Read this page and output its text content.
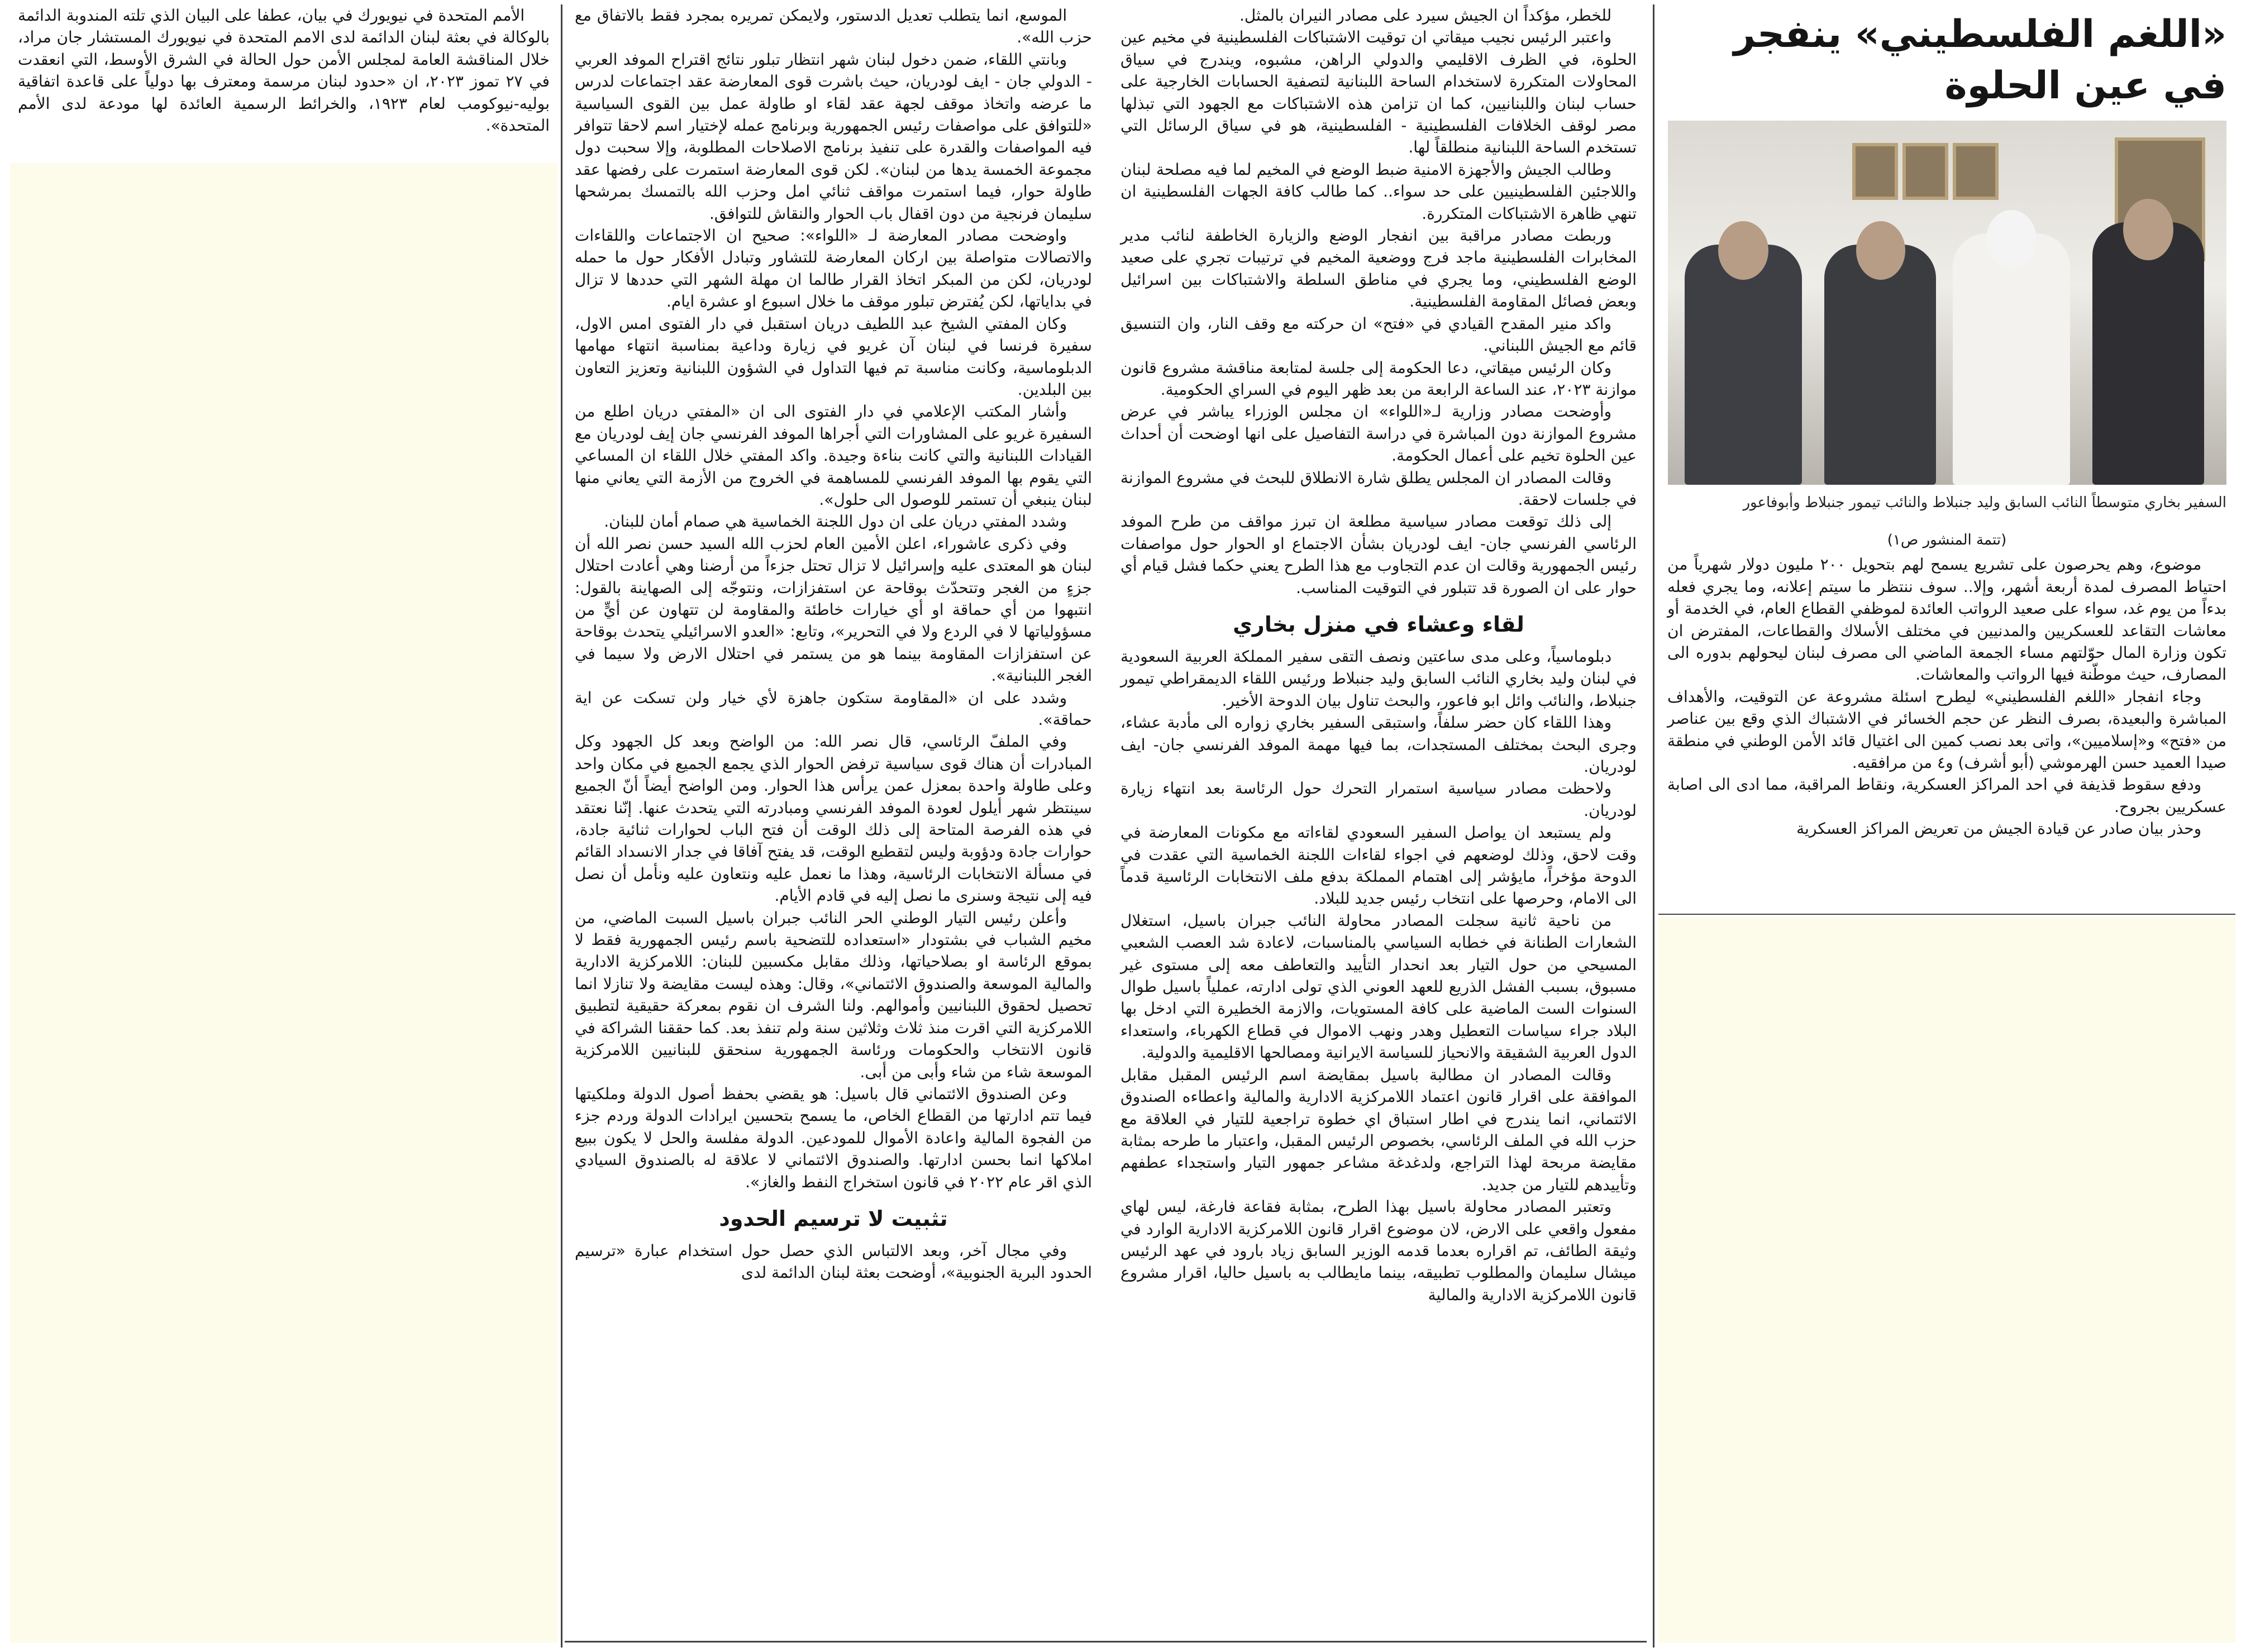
«اللغم الفلسطيني» ينفجر في عين الحلوة

السفير بخاري متوسطاً النائب السابق وليد جنبلاط والنائب تيمور جنبلاط وأبوفاعور

(تتمة المنشور ص١)

موضوع، وهم يحرصون على تشريع يسمح لهم بتحويل ٢٠٠ مليون دولار شهرياً من احتياط المصرف لمدة أربعة أشهر، وإلا.. سوف ننتظر ما سيتم إعلانه، وما يجري فعله بدءاً من يوم غد، سواء على صعيد الرواتب العائدة لموظفي القطاع العام، في الخدمة أو معاشات التقاعد للعسكريين والمدنيين في مختلف الأسلاك والقطاعات، المفترض ان تكون وزارة المال حوّلتهم مساء الجمعة الماضي الى مصرف لبنان ليحولهم بدوره الى المصارف، حيث موطّنة فيها الرواتب والمعاشات.

وجاء انفجار «اللغم الفلسطيني» ليطرح اسئلة مشروعة عن التوقيت، والأهداف المباشرة والبعيدة، بصرف النظر عن حجم الخسائر في الاشتباك الذي وقع بين عناصر من «فتح» و«إسلاميين»، واتى بعد نصب كمين الى اغتيال قائد الأمن الوطني في منطقة صيدا العميد حسن الهرموشي (أبو أشرف) و٤ من مرافقيه.

ودفع سقوط قذيفة في احد المراكز العسكرية، ونقاط المراقبة، مما ادى الى اصابة عسكريين بجروح.

وحذر بيان صادر عن قيادة الجيش من تعريض المراكز العسكرية

للخطر، مؤكداً ان الجيش سيرد على مصادر النيران بالمثل.

واعتبر الرئيس نجيب ميقاتي ان توقيت الاشتباكات الفلسطينية في مخيم عين الحلوة، في الظرف الاقليمي والدولي الراهن، مشبوه، ويندرج في سياق المحاولات المتكررة لاستخدام الساحة اللبنانية لتصفية الحسابات الخارجية على حساب لبنان واللبنانيين، كما ان تزامن هذه الاشتباكات مع الجهود التي تبذلها مصر لوقف الخلافات الفلسطينية - الفلسطينية، هو في سياق الرسائل التي تستخدم الساحة اللبنانية منطلقاً لها.

وطالب الجيش والأجهزة الامنية ضبط الوضع في المخيم لما فيه مصلحة لبنان واللاجئين الفلسطينيين على حد سواء.. كما طالب كافة الجهات الفلسطينية ان تنهي ظاهرة الاشتباكات المتكررة.

وربطت مصادر مراقبة بين انفجار الوضع والزيارة الخاطفة لنائب مدير المخابرات الفلسطينية ماجد فرج ووضعية المخيم في ترتيبات تجري على صعيد الوضع الفلسطيني، وما يجري في مناطق السلطة والاشتباكات بين اسرائيل وبعض فصائل المقاومة الفلسطينية.

واكد منير المقدح القيادي في «فتح» ان حركته مع وقف النار، وان التنسيق قائم مع الجيش اللبناني.

وكان الرئيس ميقاتي، دعا الحكومة إلى جلسة لمتابعة مناقشة مشروع قانون موازنة ٢٠٢٣، عند الساعة الرابعة من بعد ظهر اليوم في السراي الحكومية.

وأوضحت مصادر وزارية لـ«اللواء» ان مجلس الوزراء يباشر في عرض مشروع الموازنة دون المباشرة في دراسة التفاصيل على انها اوضحت أن أحداث عين الحلوة تخيم على أعمال الحكومة.

وقالت المصادر ان المجلس يطلق شارة الانطلاق للبحث في مشروع الموازنة في جلسات لاحقة.

إلى ذلك توقعت مصادر سياسية مطلعة ان تبرز مواقف من طرح الموفد الرئاسي الفرنسي جان- ايف لودريان بشأن الاجتماع او الحوار حول مواصفات رئيس الجمهورية وقالت ان عدم التجاوب مع هذا الطرح يعني حكما فشل قيام أي حوار على ان الصورة قد تتبلور في التوقيت المناسب.

لقاء وعشاء في منزل بخاري

دبلوماسياً، وعلى مدى ساعتين ونصف التقى سفير المملكة العربية السعودية في لبنان وليد بخاري النائب السابق وليد جنبلاط ورئيس اللقاء الديمقراطي تيمور جنبلاط، والنائب وائل ابو فاعور، والبحث تناول بيان الدوحة الأخير.

وهذا اللقاء كان حضر سلفاً، واستبقى السفير بخاري زواره الى مأدبة عشاء، وجرى البحث بمختلف المستجدات، بما فيها مهمة الموفد الفرنسي جان- ايف لودريان.

ولاحظت مصادر سياسية استمرار التحرك حول الرئاسة بعد انتهاء زيارة لودريان.

ولم يستبعد ان يواصل السفير السعودي لقاءاته مع مكونات المعارضة في وقت لاحق، وذلك لوضعهم في اجواء لقاءات اللجنة الخماسية التي عقدت في الدوحة مؤخراً، مايؤشر إلى اهتمام المملكة بدفع ملف الانتخابات الرئاسية قدماً الى الامام، وحرصها على انتخاب رئيس جديد للبلاد.

من ناحية ثانية سجلت المصادر محاولة النائب جبران باسيل، استغلال الشعارات الطنانة في خطابه السياسي بالمناسبات، لاعادة شد العصب الشعبي المسيحي من حول التيار بعد انحدار التأييد والتعاطف معه إلى مستوى غير مسبوق، بسبب الفشل الذريع للعهد العوني الذي تولى ادارته، عملياً باسيل طوال السنوات الست الماضية على كافة المستويات، والازمة الخطيرة التي ادخل بها البلاد جراء سياسات التعطيل وهدر ونهب الاموال في قطاع الكهرباء، واستعداء الدول العربية الشقيقة والانحياز للسياسة الايرانية ومصالحها الاقليمية والدولية.

وقالت المصادر ان مطالبة باسيل بمقايضة اسم الرئيس المقبل مقابل الموافقة على اقرار قانون اعتماد اللامركزية الادارية والمالية واعطاءه الصندوق الائتماني، انما يندرج في اطار استباق اي خطوة تراجعية للتيار في العلاقة مع حزب الله في الملف الرئاسي، بخصوص الرئيس المقبل، واعتبار ما طرحه بمثابة مقايضة مربحة لهذا التراجع، ولدغدغة مشاعر جمهور التيار واستجداء عطفهم وتأييدهم للتيار من جديد.

وتعتبر المصادر محاولة باسيل بهذا الطرح، بمثابة فقاعة فارغة، ليس لهاي مفعول واقعي على الارض، لان موضوع اقرار قانون اللامركزية الادارية الوارد في وثيقة الطائف، تم اقراره بعدما قدمه الوزير السابق زياد بارود في عهد الرئيس ميشال سليمان والمطلوب تطبيقه، بينما مايطالب به باسيل حاليا، اقرار مشروع قانون اللامركزية الادارية والمالية

الموسع، انما يتطلب تعديل الدستور، ولايمكن تمريره بمجرد فقط بالاتفاق مع حزب الله».

وبانتي اللقاء، ضمن دخول لبنان شهر انتظار تبلور نتائج اقتراح الموفد العربي - الدولي جان - ايف لودريان، حيث باشرت قوى المعارضة عقد اجتماعات لدرس ما عرضه واتخاذ موقف لجهة عقد لقاء او طاولة عمل بين القوى السياسية «للتوافق على مواصفات رئيس الجمهورية وبرنامج عمله لإختيار اسم لاحقا تتوافر فيه المواصفات والقدرة على تنفيذ برنامج الاصلاحات المطلوبة، وإلا سحبت دول مجموعة الخمسة يدها من لبنان». لكن قوى المعارضة استمرت على رفضها عقد طاولة حوار، فيما استمرت مواقف ثنائي امل وحزب الله بالتمسك بمرشحها سليمان فرنجية من دون اقفال باب الحوار والنقاش للتوافق.

واوضحت مصادر المعارضة لـ «اللواء»: صحيح ان الاجتماعات واللقاءات والاتصالات متواصلة بين اركان المعارضة للتشاور وتبادل الأفكار حول ما حمله لودريان، لكن من المبكر اتخاذ القرار طالما ان مهلة الشهر التي حددها لا تزال في بداياتها، لكن يُفترض تبلور موقف ما خلال اسبوع او عشرة ايام.

وكان المفتي الشيخ عبد اللطيف دريان استقبل في دار الفتوى امس الاول، سفيرة فرنسا في لبنان آن غريو في زيارة وداعية بمناسبة انتهاء مهامها الدبلوماسية، وكانت مناسبة تم فيها التداول في الشؤون اللبنانية وتعزيز التعاون بين البلدين.

وأشار المكتب الإعلامي في دار الفتوى الى ان «المفتي دريان اطلع من السفيرة غريو على المشاورات التي أجراها الموفد الفرنسي جان إيف لودريان مع القيادات اللبنانية والتي كانت بناءة وجيدة. واكد المفتي خلال اللقاء ان المساعي التي يقوم بها الموفد الفرنسي للمساهمة في الخروج من الأزمة التي يعاني منها لبنان ينبغي أن تستمر للوصول الى حلول».

وشدد المفتي دريان على ان دول اللجنة الخماسية هي صمام أمان للبنان.

وفي ذكرى عاشوراء، اعلن الأمين العام لحزب الله السيد حسن نصر الله أن لبنان هو المعتدى عليه وإسرائيل لا تزال تحتل جزءاً من أرضنا وهي أعادت احتلال جزءٍ من الغجر وتتحدّث بوقاحة عن استفزازات، ونتوجّه إلى الصهاينة بالقول: انتبهوا من أي حماقة او أي خيارات خاطئة والمقاومة لن تتهاون عن أيٍّ من مسؤولياتها لا في الردع ولا في التحرير»، وتابع: «العدو الاسرائيلي يتحدث بوقاحة عن استفزازات المقاومة بينما هو من يستمر في احتلال الارض ولا سيما في الغجر اللبنانية».

وشدد على ان «المقاومة ستكون جاهزة لأي خيار ولن تسكت عن اية حماقة».

وفي الملفّ الرئاسي، قال نصر الله: من الواضح وبعد كل الجهود وكل المبادرات أن هناك قوى سياسية ترفض الحوار الذي يجمع الجميع في مكان واحد وعلى طاولة واحدة بمعزل عمن يرأس هذا الحوار. ومن الواضح أيضاً أنّ الجميع سينتظر شهر أيلول لعودة الموفد الفرنسي ومبادرته التي يتحدث عنها. إنّنا نعتقد في هذه الفرصة المتاحة إلى ذلك الوقت أن فتح الباب لحوارات ثنائية جادة، حوارات جادة ودؤوبة وليس لتقطيع الوقت، قد يفتح آفاقا في جدار الانسداد القائم في مسألة الانتخابات الرئاسية، وهذا ما نعمل عليه ونتعاون عليه ونأمل أن نصل فيه إلى نتيجة وسنرى ما نصل إليه في قادم الأيام.

وأعلن رئيس التيار الوطني الحر النائب جبران باسيل السبت الماضي، من مخيم الشباب في بشتودار «استعداده للتضحية باسم رئيس الجمهورية فقط لا بموقع الرئاسة او بصلاحياتها، وذلك مقابل مكسبين للبنان: اللامركزية الادارية والمالية الموسعة والصندوق الائتماني»، وقال: وهذه ليست مقايضة ولا تنازلا انما تحصيل لحقوق اللبنانيين وأموالهم. ولنا الشرف ان نقوم بمعركة حقيقية لتطبيق اللامركزية التي اقرت منذ ثلاث وثلاثين سنة ولم تنفذ بعد. كما حققنا الشراكة في قانون الانتخاب والحكومات ورئاسة الجمهورية سنحقق للبنانيين اللامركزية الموسعة شاء من شاء وأبى من أبى.

وعن الصندوق الائتماني قال باسيل: هو يقضي بحفظ أصول الدولة وملكيتها فيما تتم ادارتها من القطاع الخاص، ما يسمح بتحسين ايرادات الدولة وردم جزء من الفجوة المالية واعادة الأموال للمودعين. الدولة مفلسة والحل لا يكون ببيع املاكها انما بحسن ادارتها. والصندوق الائتماني لا علاقة له بالصندوق السيادي الذي اقر عام ٢٠٢٢ في قانون استخراج النفط والغاز».

تثبيت لا ترسيم الحدود

وفي مجال آخر، وبعد الالتباس الذي حصل حول استخدام عبارة «ترسيم الحدود البرية الجنوبية»، أوضحت بعثة لبنان الدائمة لدى

الأمم المتحدة في نيويورك في بيان، عطفا على البيان الذي تلته المندوبة الدائمة بالوكالة في بعثة لبنان الدائمة لدى الامم المتحدة في نيويورك المستشار جان مراد، خلال المناقشة العامة لمجلس الأمن حول الحالة في الشرق الأوسط، التي انعقدت في ٢٧ تموز ٢٠٢٣، ان «حدود لبنان مرسمة ومعترف بها دولياً على قاعدة اتفاقية بوليه-نيوكومب لعام ١٩٢٣، والخرائط الرسمية العائدة لها مودعة لدى الأمم المتحدة».
